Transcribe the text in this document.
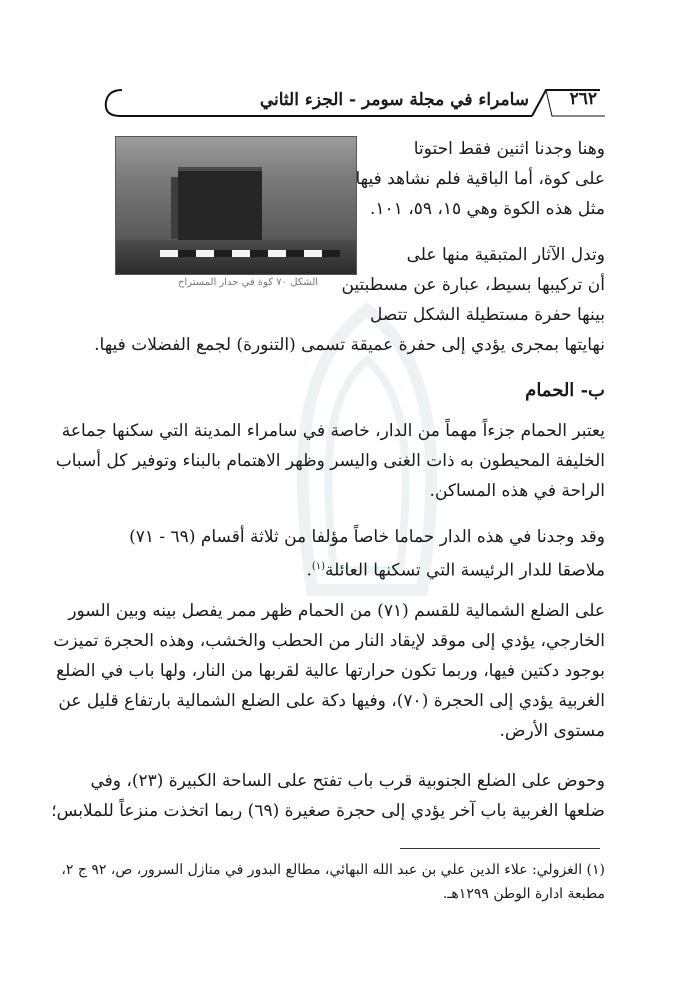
٢٦٢
سامراء في مجلة سومر - الجزء الثاني
الشكل ٧٠ كوة في جدار المستراح
وهنا وجدنا اثنين فقط احتوتا
على كوة، أما الباقية فلم نشاهد فيها
مثل هذه الكوة وهي ١٥، ٥٩، ١٠١.
وتدل الآثار المتبقية منها على
أن تركيبها بسيط، عبارة عن مسطبتين
بينها حفرة مستطيلة الشكل تتصل
نهايتها بمجرى يؤدي إلى حفرة عميقة تسمى (التنورة) لجمع الفضلات فيها.
ب- الحمام
يعتبر الحمام جزءاً مهماً من الدار، خاصة في سامراء المدينة التي سكنها جماعة
الخليفة المحيطون به ذات الغنى واليسر وظهر الاهتمام بالبناء وتوفير كل أسباب
الراحة في هذه المساكن.
وقد وجدنا في هذه الدار حماما خاصاً مؤلفا من ثلاثة أقسام (٦٩ - ٧١)
ملاصقا للدار الرئيسة التي تسكنها العائلة$^{(١)}$.
على الضلع الشمالية للقسم (٧١) من الحمام ظهر ممر يفصل بينه وبين السور
الخارجي، يؤدي إلى موقد لإيقاد النار من الحطب والخشب، وهذه الحجرة تميزت
بوجود دكتين فيها، وربما تكون حرارتها عالية لقربها من النار، ولها باب في الضلع
الغربية يؤدي إلى الحجرة (٧٠)، وفيها دكة على الضلع الشمالية بارتفاع قليل عن
مستوى الأرض.
وحوض على الضلع الجنوبية قرب باب تفتح على الساحة الكبيرة (٢٣)، وفي
ضلعها الغربية باب آخر يؤدي إلى حجرة صغيرة (٦٩) ربما اتخذت منزعاً للملابس؛
(١) الغزولي: علاء الدين علي بن عبد الله البهائي، مطالع البدور في منازل السرور، ص، ٩٢ ج ٢،
مطبعة ادارة الوطن ١٢٩٩هـ.
